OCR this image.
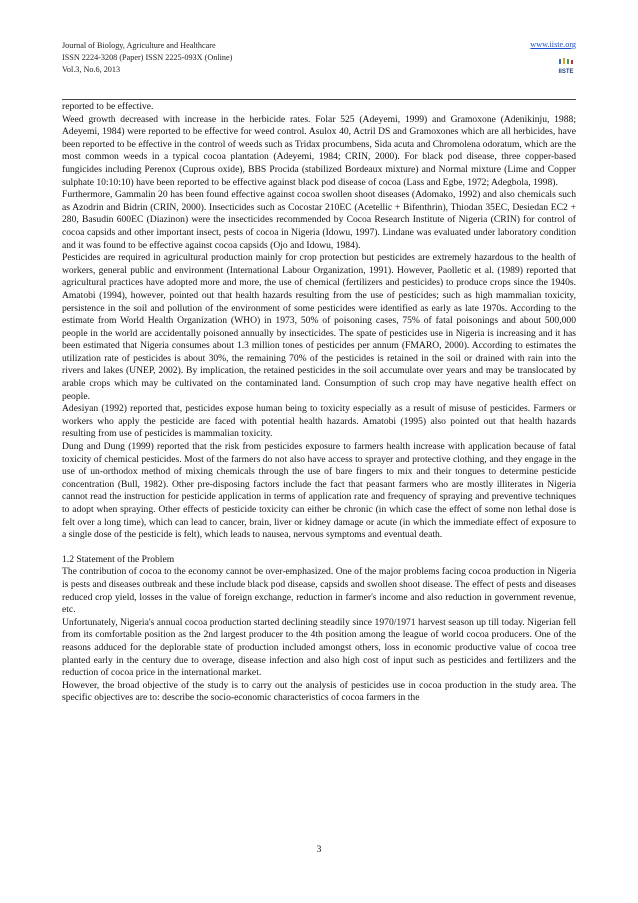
Journal of Biology, Agriculture and Healthcare
ISSN 2224-3208 (Paper) ISSN 2225-093X (Online)
Vol.3, No.6, 2013
www.iiste.org
IISTE

reported to be effective.

Weed growth decreased with increase in the herbicide rates. Folar 525 (Adeyemi, 1999) and Gramoxone (Adenikinju, 1988; Adeyemi, 1984) were reported to be effective for weed control. Asulox 40, Actril DS and Gramoxones which are all herbicides, have been reported to be effective in the control of weeds such as Tridax procumbens, Sida acuta and Chromolena odoratum, which are the most common weeds in a typical cocoa plantation (Adeyemi, 1984; CRIN, 2000). For black pod disease, three copper-based fungicides including Perenox (Cuprous oxide), BBS Procida (stabilized Bordeaux mixture) and Normal mixture (Lime and Copper sulphate 10:10:10) have been reported to be effective against black pod disease of cocoa (Lass and Egbe, 1972; Adegbola, 1998).

Furthermore, Gammalin 20 has been found effective against cocoa swollen shoot diseases (Adomako, 1992) and also chemicals such as Azodrin and Bidrin (CRIN, 2000). Insecticides such as Cocostar 210EC (Acetellic + Bifenthrin), Thiodan 35EC, Desiedan EC2 + 280, Basudin 600EC (Diazinon) were the insecticides recommended by Cocoa Research Institute of Nigeria (CRIN) for control of cocoa capsids and other important insect, pests of cocoa in Nigeria (Idowu, 1997). Lindane was evaluated under laboratory condition and it was found to be effective against cocoa capsids (Ojo and Idowu, 1984).

Pesticides are required in agricultural production mainly for crop protection but pesticides are extremely hazardous to the health of workers, general public and environment (International Labour Organization, 1991). However, Paolletic et al. (1989) reported that agricultural practices have adopted more and more, the use of chemical (fertilizers and pesticides) to produce crops since the 1940s. Amatobi (1994), however, pointed out that health hazards resulting from the use of pesticides; such as high mammalian toxicity, persistence in the soil and pollution of the environment of some pesticides were identified as early as late 1970s. According to the estimate from World Health Organization (WHO) in 1973, 50% of poisoning cases, 75% of fatal poisonings and about 500,000 people in the world are accidentally poisoned annually by insecticides. The spate of pesticides use in Nigeria is increasing and it has been estimated that Nigeria consumes about 1.3 million tones of pesticides per annum (FMARO, 2000). According to estimates the utilization rate of pesticides is about 30%, the remaining 70% of the pesticides is retained in the soil or drained with rain into the rivers and lakes (UNEP, 2002). By implication, the retained pesticides in the soil accumulate over years and may be translocated by arable crops which may be cultivated on the contaminated land. Consumption of such crop may have negative health effect on people.

Adesiyan (1992) reported that, pesticides expose human being to toxicity especially as a result of misuse of pesticides. Farmers or workers who apply the pesticide are faced with potential health hazards. Amatobi (1995) also pointed out that health hazards resulting from use of pesticides is mammalian toxicity.

Dung and Dung (1999) reported that the risk from pesticides exposure to farmers health increase with application because of fatal toxicity of chemical pesticides. Most of the farmers do not also have access to sprayer and protective clothing, and they engage in the use of un-orthodox method of mixing chemicals through the use of bare fingers to mix and their tongues to determine pesticide concentration (Bull, 1982). Other pre-disposing factors include the fact that peasant farmers who are mostly illiterates in Nigeria cannot read the instruction for pesticide application in terms of application rate and frequency of spraying and preventive techniques to adopt when spraying. Other effects of pesticide toxicity can either be chronic (in which case the effect of some non lethal dose is felt over a long time), which can lead to cancer, brain, liver or kidney damage or acute (in which the immediate effect of exposure to a single dose of the pesticide is felt), which leads to nausea, nervous symptoms and eventual death.

1.2 Statement of the Problem

The contribution of cocoa to the economy cannot be over-emphasized. One of the major problems facing cocoa production in Nigeria is pests and diseases outbreak and these include black pod disease, capsids and swollen shoot disease. The effect of pests and diseases reduced crop yield, losses in the value of foreign exchange, reduction in farmer's income and also reduction in government revenue, etc.

Unfortunately, Nigeria's annual cocoa production started declining steadily since 1970/1971 harvest season up till today. Nigerian fell from its comfortable position as the 2nd largest producer to the 4th position among the league of world cocoa producers. One of the reasons adduced for the deplorable state of production included amongst others, loss in economic productive value of cocoa tree planted early in the century due to overage, disease infection and also high cost of input such as pesticides and fertilizers and the reduction of cocoa price in the international market.

However, the broad objective of the study is to carry out the analysis of pesticides use in cocoa production in the study area. The specific objectives are to: describe the socio-economic characteristics of cocoa farmers in the

3
